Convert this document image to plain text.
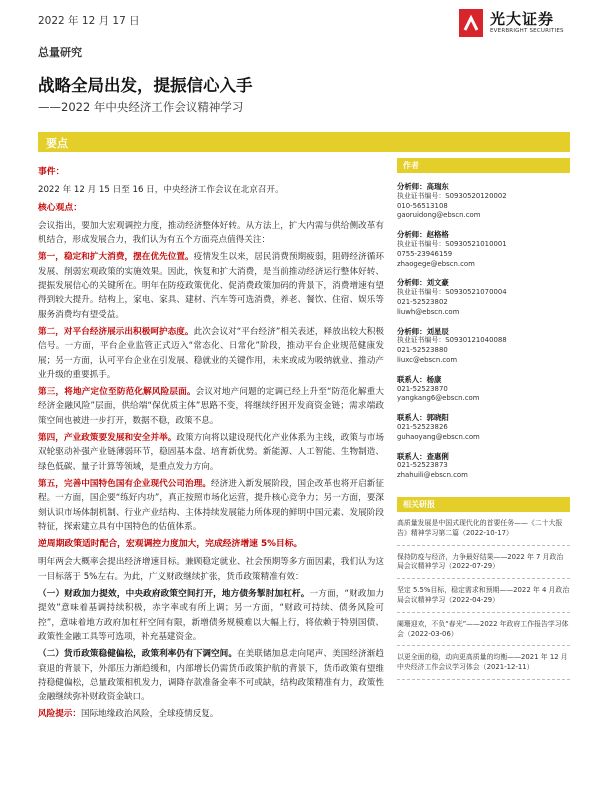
2022 年 12 月 17 日	光大证券
EVERBRIGHT SECURITIES
总量研究
战略全局出发，提振信心入手
——2022 年中央经济工作会议精神学习
要点
事件：

2022 年 12 月 15 日至 16 日，中央经济工作会议在北京召开。

核心观点：

会议指出，要加大宏观调控力度，推动经济整体好转。从方法上，扩大内需与供给侧改革有机结合，形成发展合力，我们认为有五个方面亮点值得关注：

第一，稳定和扩大消费，摆在优先位置。疫情发生以来，居民消费预期疲弱，阻碍经济循环发展、削弱宏观政策的实施效果。因此，恢复和扩大消费，是当前推动经济运行整体好转、提振发展信心的关键所在。明年在防疫政策优化、促消费政策加码的背景下，消费增速有望得到较大提升。结构上，家电、家具、建材、汽车等可选消费，养老、餐饮、住宿、娱乐等服务消费均有望受益。

第二，对平台经济展示出积极呵护态度。此次会议对“平台经济”相关表述，释放出较大积极信号。一方面，平台企业监管正式迈入“常态化、日常化”阶段，推动平台企业规范健康发展；另一方面，认可平台企业在引发展、稳就业的关键作用，未来或成为吸纳就业、推动产业升级的重要抓手。

第三，将地产定位至防范化解风险层面。会议对地产问题的定调已经上升至“防范化解重大经济金融风险”层面，供给端“保优质主体”思路不变，将继续纾困开发商资金链；需求端政策空间也被进一步打开，数据不稳，政策不息。

第四，产业政策要发展和安全并举。政策方向将以建设现代化产业体系为主线，政策与市场双轮驱动补强产业链薄弱环节，稳固基本盘、培育新优势。新能源、人工智能、生物制造、绿色低碳、量子计算等领域，是重点发力方向。

第五，完善中国特色国有企业现代公司治理。经济进入新发展阶段，国企改革也将开启新征程。一方面，国企要“练好内功”，真正按照市场化运营，提升核心竞争力；另一方面，要深刻认识市场体制机制、行业产业结构、主体持续发展能力所体现的鲜明中国元素、发展阶段特征，探索建立具有中国特色的估值体系。

逆周期政策适时配合，宏观调控力度加大，完成经济增速 5%目标。

明年两会大概率会提出经济增速目标。兼顾稳定就业、社会预期等多方面因素，我们认为这一目标落于 5%左右。为此，广义财政继续扩张，货币政策精准有效：

（一）财政加力提效，中央政府政策空间打开，地方债务掣肘加杠杆。一方面，“财政加力提效”意味着基调持续积极，赤字率或有所上调；另一方面，“财政可持续、债务风险可控”，意味着地方政府加杠杆空间有限，新增债务规模难以大幅上行，将依赖于特别国债、政策性金融工具等可选项，补充基建资金。

（二）货币政策稳健偏松，政策利率仍有下调空间。在美联储加息走向尾声、美国经济渐趋衰退的背景下，外部压力渐趋缓和，内部增长仍需货币政策护航的背景下，货币政策有望维持稳健偏松，总量政策相机发力，调降存款准备金率不可或缺，结构政策精准有力，政策性金融继续弥补财政资金缺口。

风险提示：国际地缘政治风险，全球疫情反复。

作者
分析师：高瑞东
执业证书编号：S0930520120002
010-56513108
gaoruidong@ebscn.com
分析师：赵格格
执业证书编号：S0930521010001
0755-23946159
zhaogege@ebscn.com
分析师：刘文豪
执业证书编号：S0930521070004
021-52523802
liuwh@ebscn.com
分析师：刘星辰
执业证书编号：S0930121040088
021-52523880
liuxc@ebscn.com
联系人：杨康
021-52523870
yangkang6@ebscn.com
联系人：郭晓阳
021-52523826
guhaoyang@ebscn.com
联系人：查惠俐
021-52523873
zhahuili@ebscn.com
相关研报
高质量发展是中国式现代化的首要任务——《二十大报告》精神学习第二篇（2022-10-17）
保持防疫与经济，力争最好结果——2022 年 7 月政治局会议精神学习（2022-07-29）
坚定 5.5%目标，稳定需求和预期——2022 年 4 月政治局会议精神学习（2022-04-29）
阑珊迎欢，不负“春光”——2022 年政府工作报告学习体会（2022-03-06）
以更全面的稳，动向更高质量的均衡——2021 年 12 月中央经济工作会议学习体会（2021-12-11）
